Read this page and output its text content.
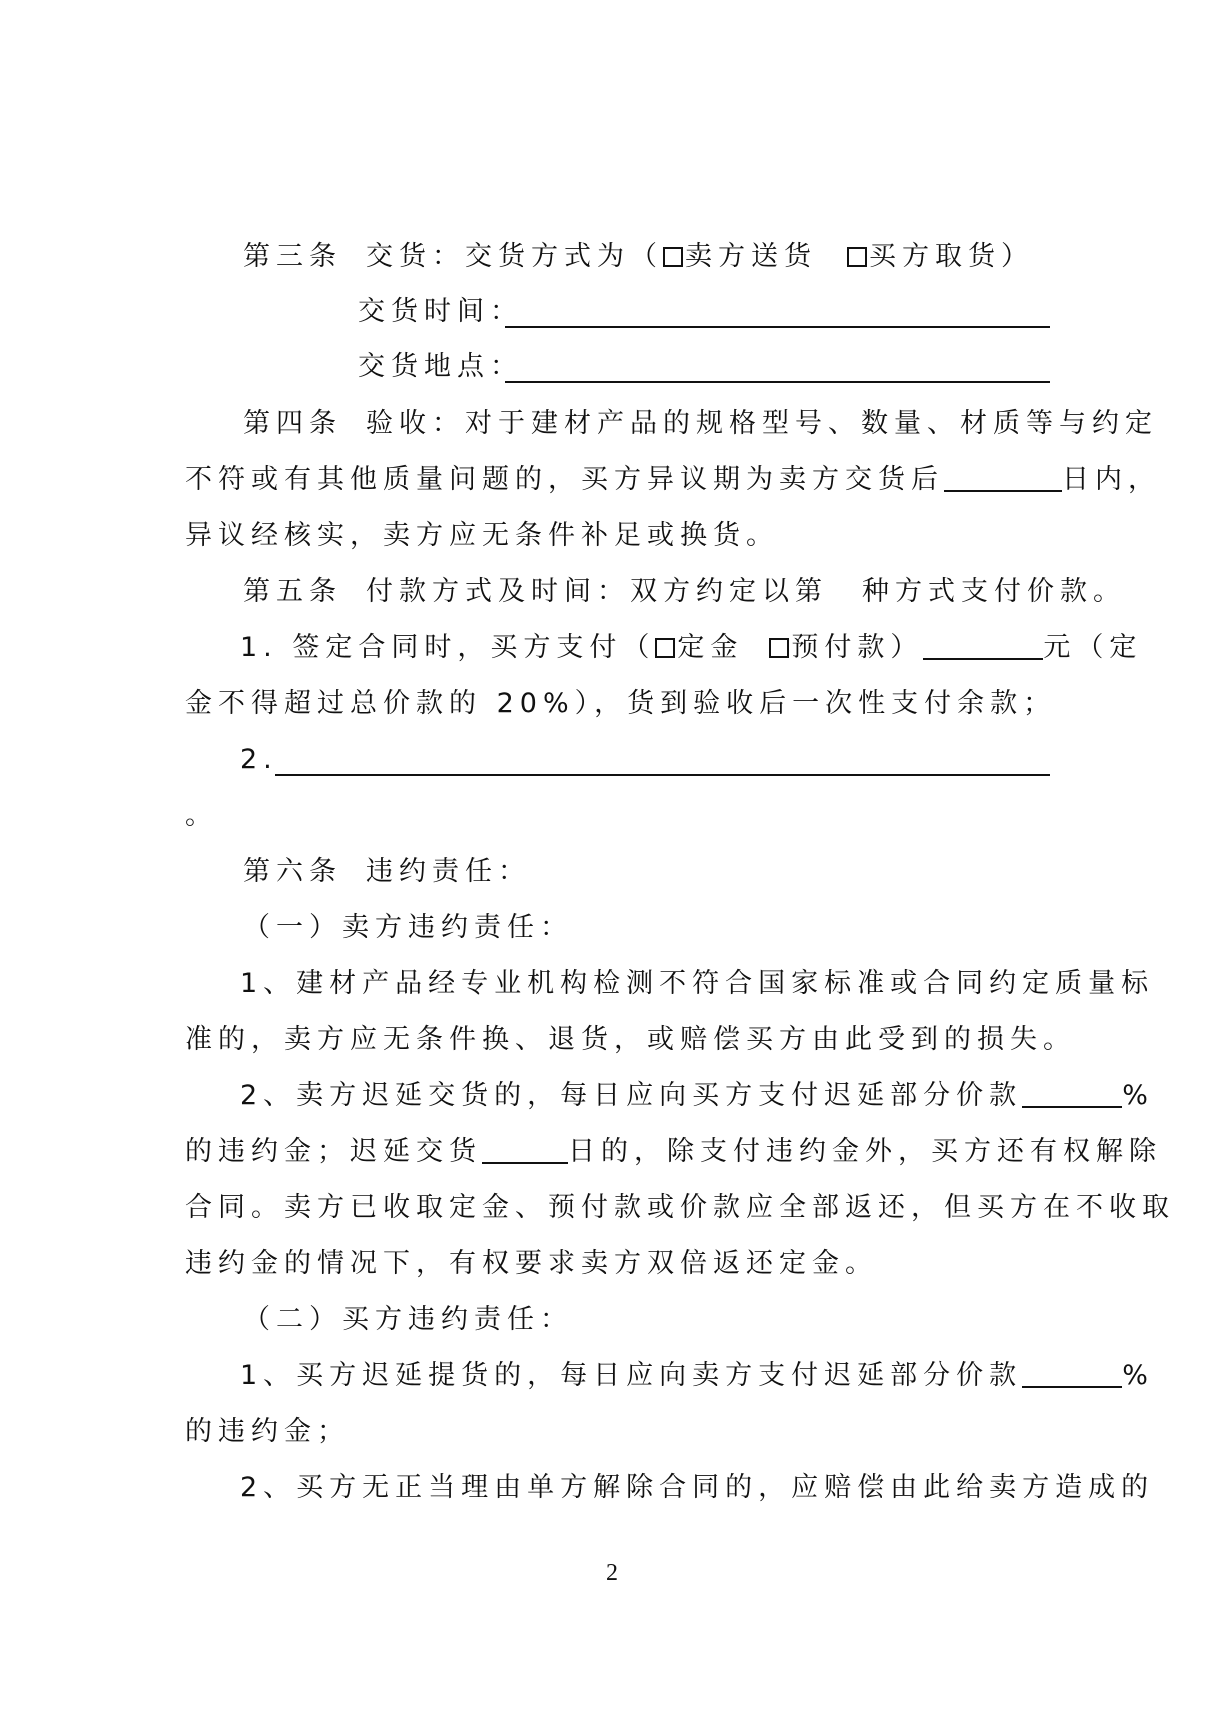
第三条 交货：交货方式为（ 卖方送货 买方取货）
交货时间：
交货地点：
第四条 验收：对于建材产品的规格型号、数量、材质等与约定
不符或有其他质量问题的，买方异议期为卖方交货后	日内，
异议经核实，卖方应无条件补足或换货。
第五条 付款方式及时间：双方约定以第 种方式支付价款。
1. 签定合同时，买方支付（ 定金 预付款）	元（定
金不得超过总价款的 20%），货到验收后一次性支付余款；
2.
。
第六条 违约责任：
（一）卖方违约责任：
1、建材产品经专业机构检测不符合国家标准或合同约定质量标
准的，卖方应无条件换、退货，或赔偿买方由此受到的损失。
2、卖方迟延交货的，每日应向买方支付迟延部分价款	%
的违约金；迟延交货	日的，除支付违约金外，买方还有权解除
合同。卖方已收取定金、预付款或价款应全部返还，但买方在不收取
违约金的情况下，有权要求卖方双倍返还定金。
（二）买方违约责任：
1、买方迟延提货的，每日应向卖方支付迟延部分价款	%
的违约金；
2、买方无正当理由单方解除合同的，应赔偿由此给卖方造成的
2
